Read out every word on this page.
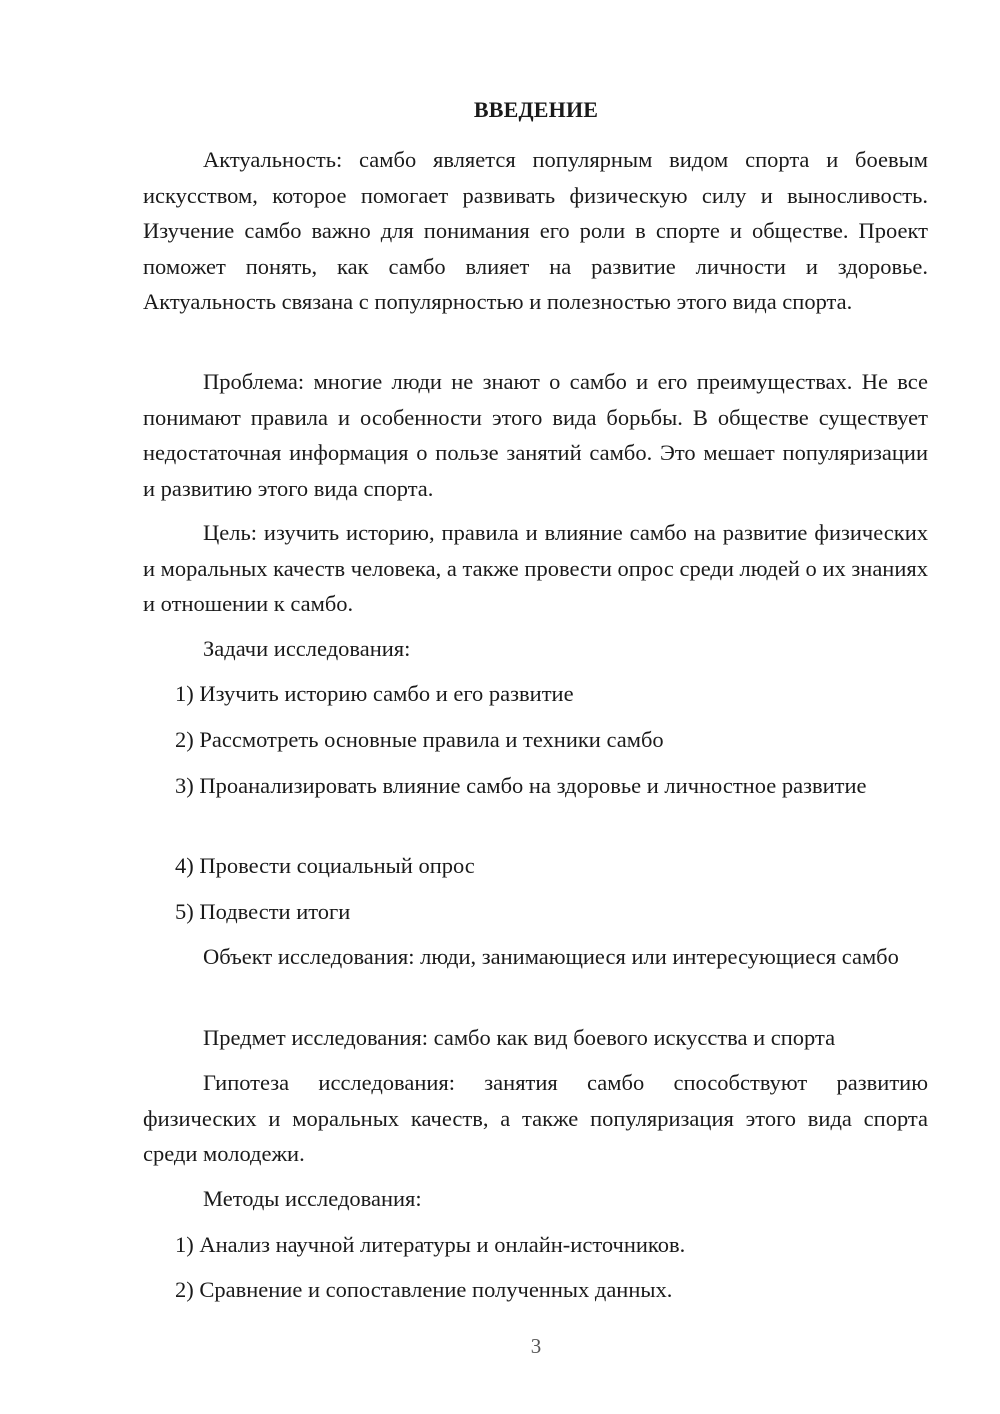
ВВЕДЕНИЕ
Актуальность: самбо является популярным видом спорта и боевым искусством, которое помогает развивать физическую силу и выносливость. Изучение самбо важно для понимания его роли в спорте и обществе. Проект поможет понять, как самбо влияет на развитие личности и здоровье. Актуальность связана с популярностью и полезностью этого вида спорта.
Проблема: многие люди не знают о самбо и его преимуществах. Не все понимают правила и особенности этого вида борьбы. В обществе существует недостаточная информация о пользе занятий самбо. Это мешает популяризации и развитию этого вида спорта.
Цель: изучить историю, правила и влияние самбо на развитие физических и моральных качеств человека, а также провести опрос среди людей о их знаниях и отношении к самбо.
Задачи исследования:
1) Изучить историю самбо и его развитие
2) Рассмотреть основные правила и техники самбо
3) Проанализировать влияние самбо на здоровье и личностное развитие
4) Провести социальный опрос
5) Подвести итоги
Объект исследования: люди, занимающиеся или интересующиеся самбо
Предмет исследования: самбо как вид боевого искусства и спорта
Гипотеза исследования: занятия самбо способствуют развитию физических и моральных качеств, а также популяризация этого вида спорта среди молодежи.
Методы исследования:
1) Анализ научной литературы и онлайн-источников.
2) Сравнение и сопоставление полученных данных.
3
